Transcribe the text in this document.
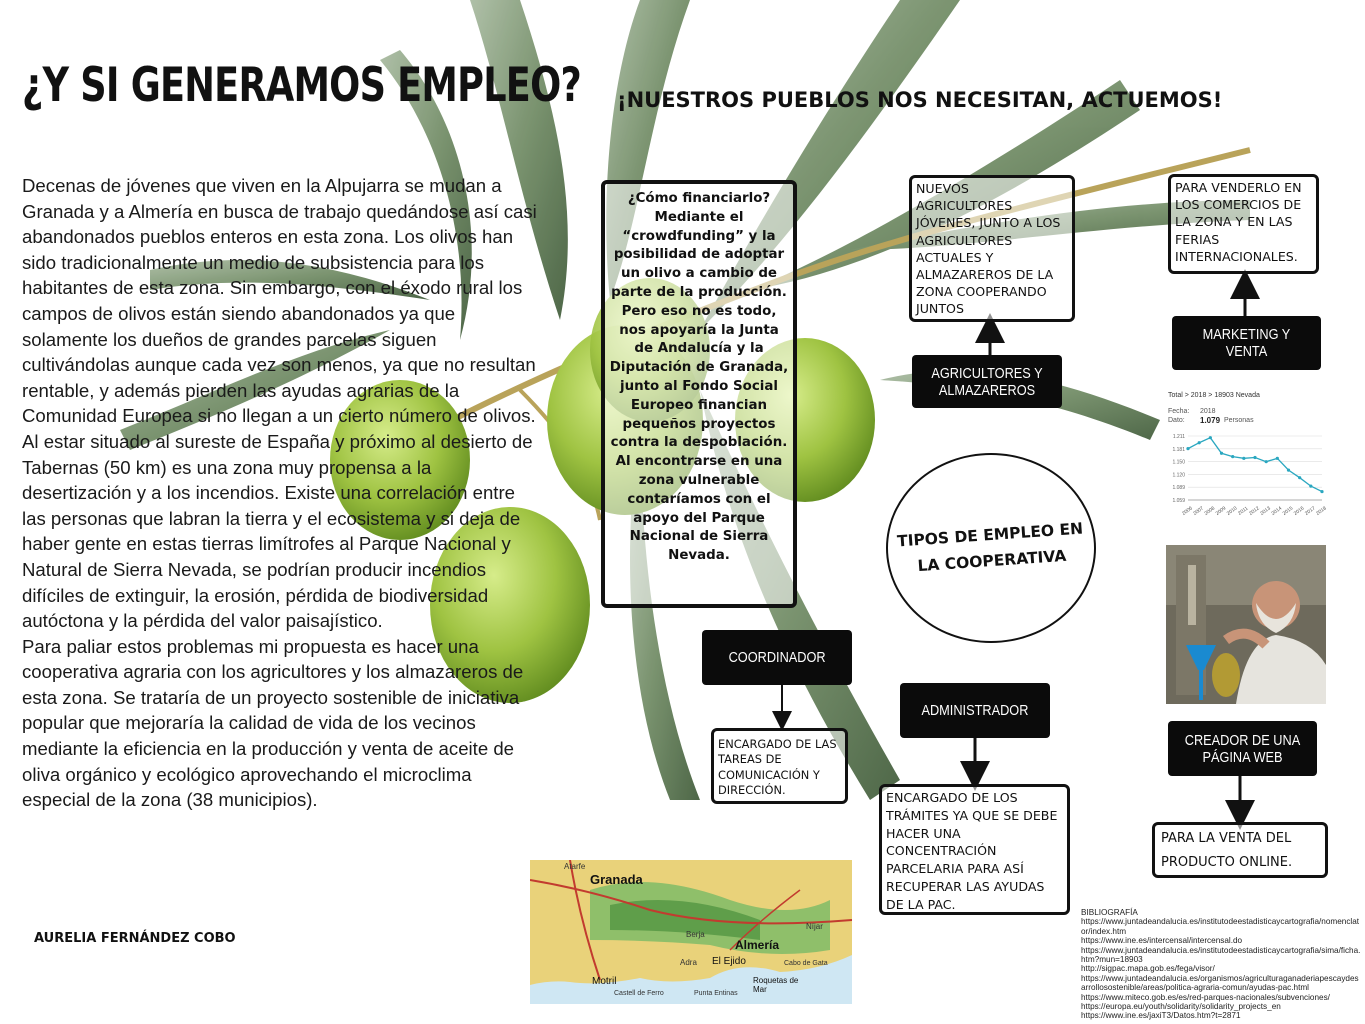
¿Y SI GENERAMOS EMPLEO? ¡NUESTROS PUEBLOS NOS NECESITAN, ACTUEMOS!

Decenas de jóvenes que viven en la Alpujarra se mudan a Granada y a Almería en busca de trabajo quedándose así casi abandonados pueblos enteros en esta zona. Los olivos han sido tradicionalmente un medio de subsistencia para los habitantes de esta zona. Sin embargo, con el éxodo rural los campos de olivos están siendo abandonados ya que solamente los dueños de grandes parcelas siguen cultivándolas aunque cada vez son menos, ya que no resultan rentable, y además pierden las ayudas agrarias de la Comunidad Europea si no llegan a un cierto número de olivos.

Al estar situado al sureste de España y próximo al desierto de Tabernas (50 km) es una zona muy propensa a la desertización y a los incendios. Existe una correlación entre las personas que labran la tierra y el ecosistema y si deja de haber gente en estas tierras limítrofes al Parque Nacional y Natural de Sierra Nevada, se podrían producir incendios difíciles de extinguir, la erosión, pérdida de biodiversidad autóctona y la pérdida del valor paisajístico.

Para paliar estos problemas mi propuesta es hacer una cooperativa agraria con los agricultores y los almazareros de esta zona. Se trataría de un proyecto sostenible de iniciativa popular que mejoraría la calidad de vida de los vecinos mediante la eficiencia en la producción y venta de aceite de oliva orgánico y ecológico aprovechando el microclima especial de la zona (38 municipios).

AURELIA FERNÁNDEZ COBO
¿Cómo financiarlo? Mediante el “crowdfunding” y la posibilidad de adoptar un olivo a cambio de parte de la producción. Pero eso no es todo, nos apoyaría la Junta de Andalucía y la Diputación de Granada, junto al Fondo Social Europeo financian pequeños proyectos contra la despoblación. Al encontrarse en una zona vulnerable contaríamos con el apoyo del Parque Nacional de Sierra Nevada.
NUEVOS AGRICULTORES JÓVENES, JUNTO A LOS AGRICULTORES ACTUALES Y ALMAZAREROS DE LA ZONA COOPERANDO JUNTOS
PARA VENDERLO EN LOS COMERCIOS DE LA ZONA Y EN LAS FERIAS INTERNACIONALES.
ENCARGADO DE LAS TAREAS DE COMUNICACIÓN Y DIRECCIÓN.	ENCARGADO DE LOS TRÁMITES YA QUE SE DEBE HACER UNA CONCENTRACIÓN PARCELARIA PARA ASÍ RECUPERAR LAS AYUDAS DE LA PAC.
PARA LA VENTA DEL PRODUCTO ONLINE.
AGRICULTORES Y ALMAZAREROS
MARKETING Y VENTA
COORDINADOR
ADMINISTRADOR
CREADOR DE UNA PÁGINA WEB
TIPOS DE EMPLEO EN LA COOPERATIVA
Total > 2018 > 18903 Nevada
Fecha: 2018
Dato: 1.079 Personas
1.211
1.181
1.150
1.120
1.089
1.059
2006
2007
2008
2009
2010
2011
2012
2013
2014
2015
2016
2017
2018
Granada
Almería
Motril
El Ejido
Roquetas de Mar
Castell de Ferro	Punta Entinas
Cabo de Gata
Níjar
Atarfe
Berja
Adra
BIBLIOGRAFÍA
https://www.juntadeandalucia.es/institutodeestadisticaycartografia/nomenclator/index.htm
https://www.ine.es/intercensal/intercensal.do
https://www.juntadeandalucia.es/institutodeestadisticaycartografia/sima/ficha.htm?mun=18903
http://sigpac.mapa.gob.es/fega/visor/
https://www.juntadeandalucia.es/organismos/agriculturaganaderiapescaydesarrollosostenible/areas/politica-agraria-comun/ayudas-pac.html
https://www.miteco.gob.es/es/red-parques-nacionales/subvenciones/
https://europa.eu/youth/solidarity/solidarity_projects_en
https://www.ine.es/jaxiT3/Datos.htm?t=2871
